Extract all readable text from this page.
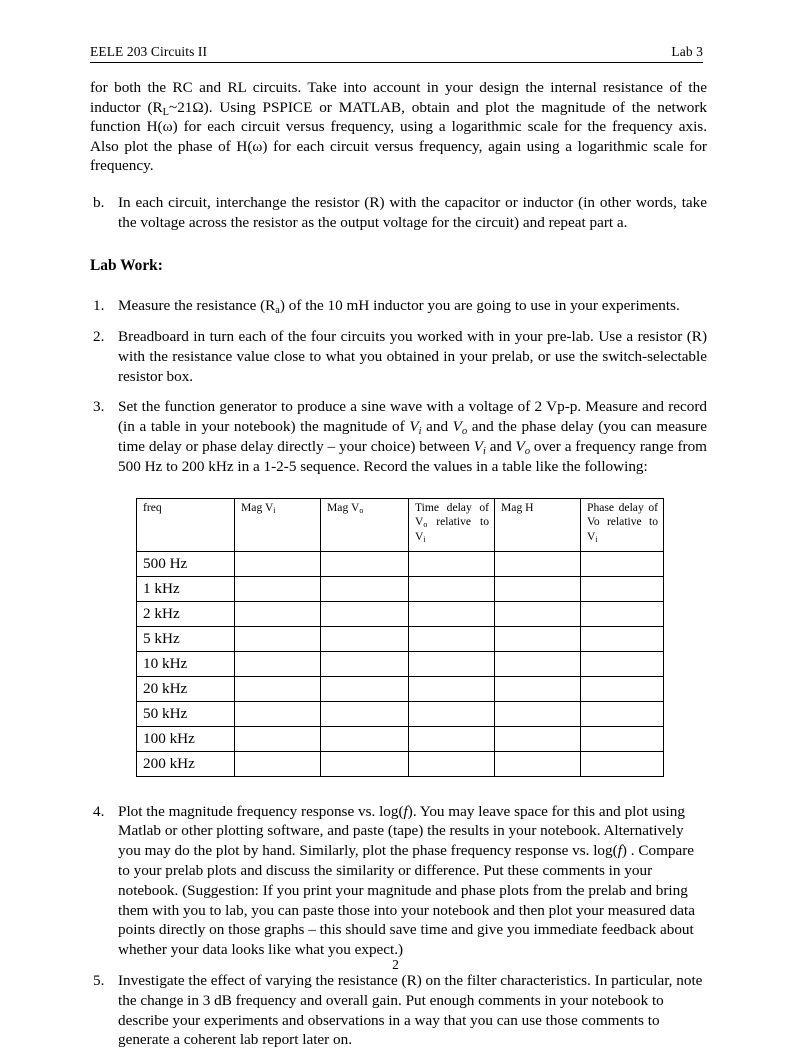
EELE 203 Circuits II	Lab 3
for both the RC and RL circuits. Take into account in your design the internal resistance of the inductor $(R_L\sim 21\Omega)$. Using PSPICE or MATLAB, obtain and plot the magnitude of the network function H(ω) for each circuit versus frequency, using a logarithmic scale for the frequency axis. Also plot the phase of H(ω) for each circuit versus frequency, again using a logarithmic scale for frequency.
b. In each circuit, interchange the resistor (R) with the capacitor or inductor (in other words, take the voltage across the resistor as the output voltage for the circuit) and repeat part a.
Lab Work:
1. Measure the resistance $(R_a)$ of the 10 mH inductor you are going to use in your experiments.
2. Breadboard in turn each of the four circuits you worked with in your pre-lab. Use a resistor (R) with the resistance value close to what you obtained in your prelab, or use the switch-selectable resistor box.
3. Set the function generator to produce a sine wave with a voltage of 2 Vp-p. Measure and record (in a table in your notebook) the magnitude of $V_i$ and $V_o$ and the phase delay (you can measure time delay or phase delay directly – your choice) between $V_i$ and $V_o$ over a frequency range from 500 Hz to 200 kHz in a 1-2-5 sequence. Record the values in a table like the following:
freq	Mag $V_i$	Mag $V_o$	Time delay of $V_o$ relative to $V_i$	Mag H	Phase delay of Vo relative to $V_i$

500 Hz					
1 kHz					
2 kHz					
5 kHz					
10 kHz					
20 kHz					
50 kHz					
100 kHz					
200 kHz					
4. Plot the magnitude frequency response vs. log(f). You may leave space for this and plot using Matlab or other plotting software, and paste (tape) the results in your notebook. Alternatively you may do the plot by hand. Similarly, plot the phase frequency response vs. log(f) . Compare to your prelab plots and discuss the similarity or difference. Put these comments in your notebook. (Suggestion: If you print your magnitude and phase plots from the prelab and bring them with you to lab, you can paste those into your notebook and then plot your measured data points directly on those graphs – this should save time and give you immediate feedback about whether your data looks like what you expect.)
5. Investigate the effect of varying the resistance (R) on the filter characteristics. In particular, note the change in 3 dB frequency and overall gain. Put enough comments in your notebook to describe your experiments and observations in a way that you can use those comments to generate a coherent lab report later on.
2
